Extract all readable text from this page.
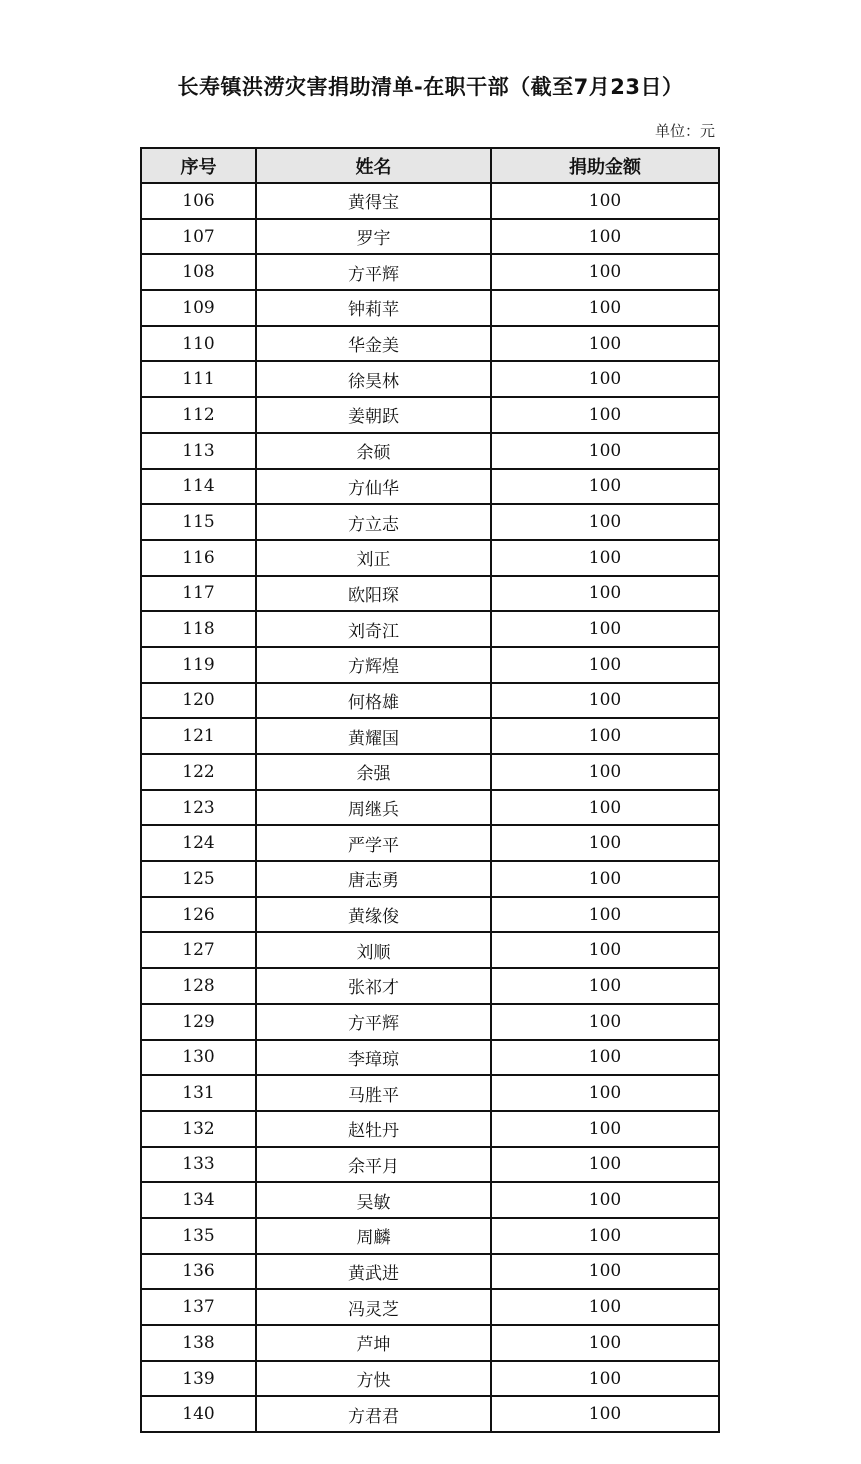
长寿镇洪涝灾害捐助清单-在职干部（截至7月23日）
单位：元
序号	姓名	捐助金额
106	黄得宝	100
107	罗宇	100
108	方平辉	100
109	钟莉苹	100
110	华金美	100
111	徐昊林	100
112	姜朝跃	100
113	余硕	100
114	方仙华	100
115	方立志	100
116	刘正	100
117	欧阳琛	100
118	刘奇江	100
119	方辉煌	100
120	何格雄	100
121	黄耀国	100
122	余强	100
123	周继兵	100
124	严学平	100
125	唐志勇	100
126	黄缘俊	100
127	刘顺	100
128	张祁才	100
129	方平辉	100
130	李璋琼	100
131	马胜平	100
132	赵牡丹	100
133	余平月	100
134	吴敏	100
135	周麟	100
136	黄武进	100
137	冯灵芝	100
138	芦坤	100
139	方快	100
140	方君君	100
